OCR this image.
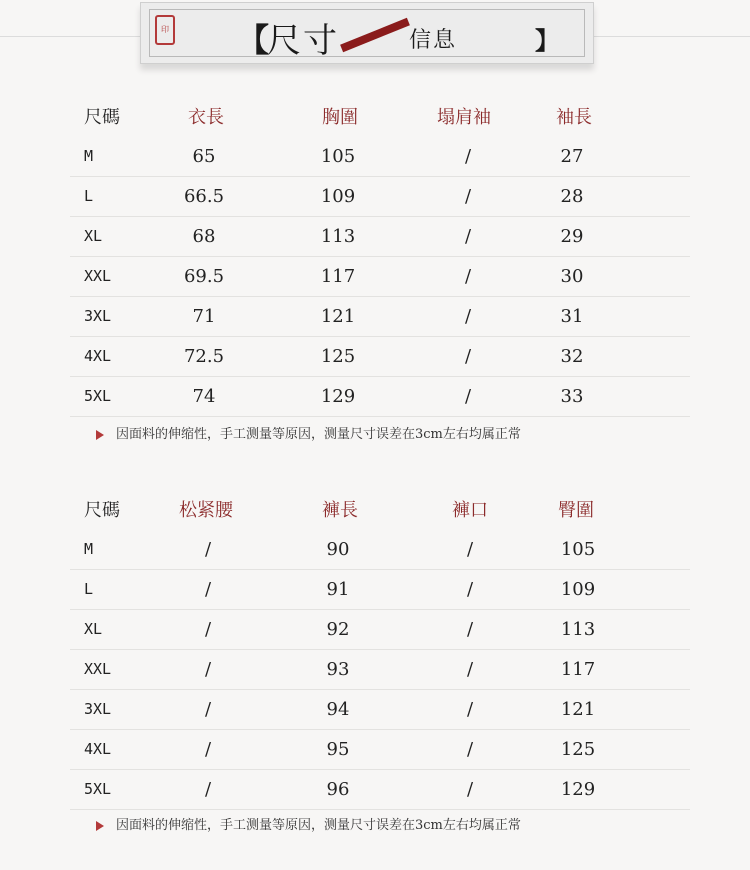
印 【
尺寸	信息	】
尺碼	衣長	胸圍	塌肩袖	袖長
M	65	105	/	27
L	66.5	109	/	28
XL	68	113	/	29
XXL	69.5	117	/	30
3XL	71	121	/	31
4XL	72.5	125	/	32
5XL	74	129	/	33
因面料的伸缩性，手工测量等原因，测量尺寸误差在3cm左右均属正常
尺碼	松紧腰	褲長	褲口	臀圍
M	/	90	/	105
L	/	91	/	109
XL	/	92	/	113
XXL	/	93	/	117
3XL	/	94	/	121
4XL	/	95	/	125
5XL	/	96	/	129
因面料的伸缩性，手工测量等原因，测量尺寸误差在3cm左右均属正常
